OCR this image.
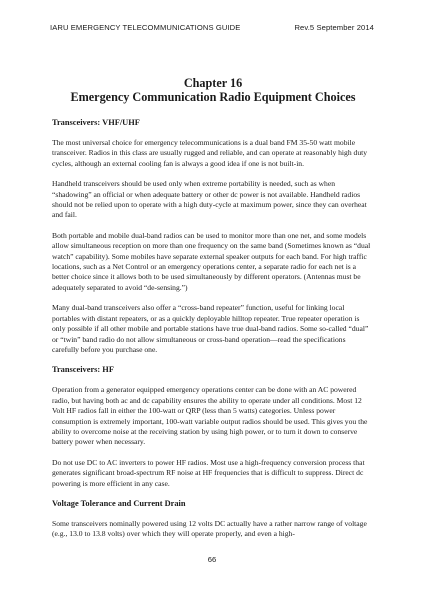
IARU EMERGENCY TELECOMMUNICATIONS GUIDE	Rev.5 September 2014
Chapter 16
Emergency Communication Radio Equipment Choices
Transceivers: VHF/UHF

The most universal choice for emergency telecommunications is a dual band FM 35-50 watt mobile transceiver. Radios in this class are usually rugged and reliable, and can operate at reasonably high duty cycles, although an external cooling fan is always a good idea if one is not built-in.

Handheld transceivers should be used only when extreme portability is needed, such as when “shadowing” an official or when adequate battery or other dc power is not available. Handheld radios should not be relied upon to operate with a high duty-cycle at maximum power, since they can overheat and fail.

Both portable and mobile dual-band radios can be used to monitor more than one net, and some models allow simultaneous reception on more than one frequency on the same band (Sometimes known as “dual watch” capability). Some mobiles have separate external speaker outputs for each band. For high traffic locations, such as a Net Control or an emergency operations center, a separate radio for each net is a better choice since it allows both to be used simultaneously by different operators. (Antennas must be adequately separated to avoid “de-sensing.”)

Many dual-band transceivers also offer a “cross-band repeater” function, useful for linking local portables with distant repeaters, or as a quickly deployable hilltop repeater. True repeater operation is only possible if all other mobile and portable stations have true dual-band radios. Some so-called “dual” or “twin” band radio do not allow simultaneous or cross-band operation—read the specifications carefully before you purchase one.

Transceivers: HF

Operation from a generator equipped emergency operations center can be done with an AC powered radio, but having both ac and dc capability ensures the ability to operate under all conditions. Most 12 Volt HF radios fall in either the 100-watt or QRP (less than 5 watts) categories. Unless power consumption is extremely important, 100-watt variable output radios should be used. This gives you the ability to overcome noise at the receiving station by using high power, or to turn it down to conserve battery power when necessary.

Do not use DC to AC inverters to power HF radios. Most use a high-frequency conversion process that generates significant broad-spectrum RF noise at HF frequencies that is difficult to suppress. Direct dc powering is more efficient in any case.

Voltage Tolerance and Current Drain

Some transceivers nominally powered using 12 volts DC actually have a rather narrow range of voltage (e.g., 13.0 to 13.8 volts) over which they will operate properly, and even a high-

66
